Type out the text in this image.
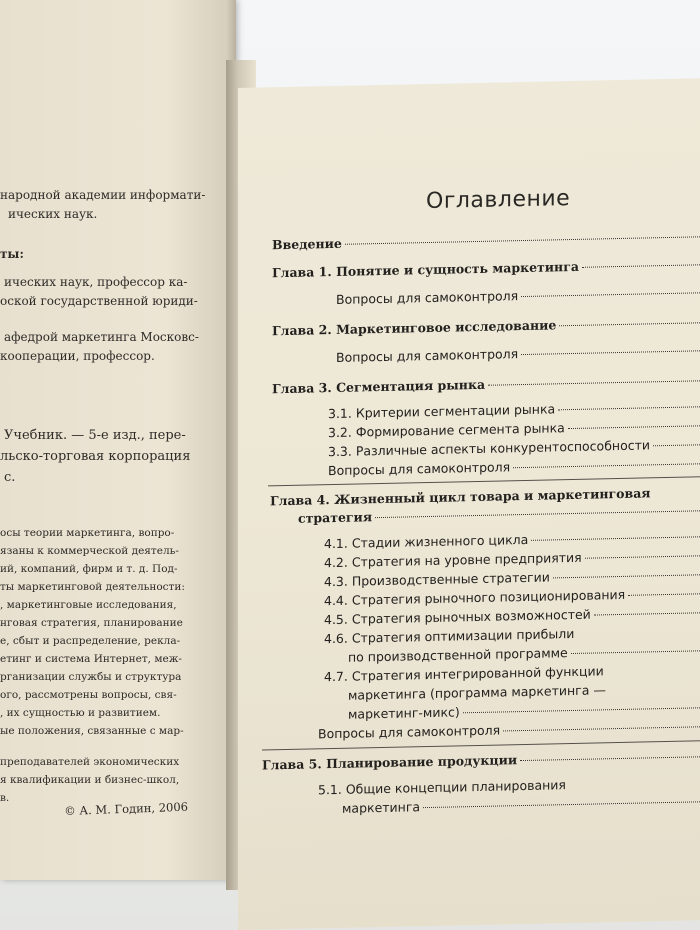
народной академии информати-
ических наук.
ты:
ических наук, профессор ка-
оской государственной юриди-
афедрой маркетинга Московс-
кооперации, профессор.
Учебник. — 5-е изд., пере-
льско-торговая корпорация
с.
осы теории маркетинга, вопро-
язаны к коммерческой деятель-
ий, компаний, фирм и т. д. Под-
ты маркетинговой деятельности:
, маркетинговые исследования,
нговая стратегия, планирование
е, сбыт и распределение, рекла-
етинг и система Интернет, меж-
рганизации службы и структура
ого, рассмотрены вопросы, свя-
, их сущностью и развитием.
ые положения, связанные с мар-
преподавателей экономических
я квалификации и бизнес-школ,
в.
© А. М. Годин, 2006
Оглавление
Введение
Глава 1. Понятие и сущность маркетинга
Вопросы для самоконтроля
Глава 2. Маркетинговое исследование
Вопросы для самоконтроля
Глава 3. Сегментация рынка
3.1. Критерии сегментации рынка
3.2. Формирование сегмента рынка
3.3. Различные аспекты конкурентоспособности
Вопросы для самоконтроля
Глава 4. Жизненный цикл товара и маркетинговая
стратегия
4.1. Стадии жизненного цикла
4.2. Стратегия на уровне предприятия
4.3. Производственные стратегии
4.4. Стратегия рыночного позиционирования
4.5. Стратегия рыночных возможностей
4.6. Стратегия оптимизации прибыли
по производственной программе
4.7. Стратегия интегрированной функции
маркетинга (программа маркетинга —
маркетинг-микс)
Вопросы для самоконтроля
Глава 5. Планирование продукции
5.1. Общие концепции планирования
маркетинга
